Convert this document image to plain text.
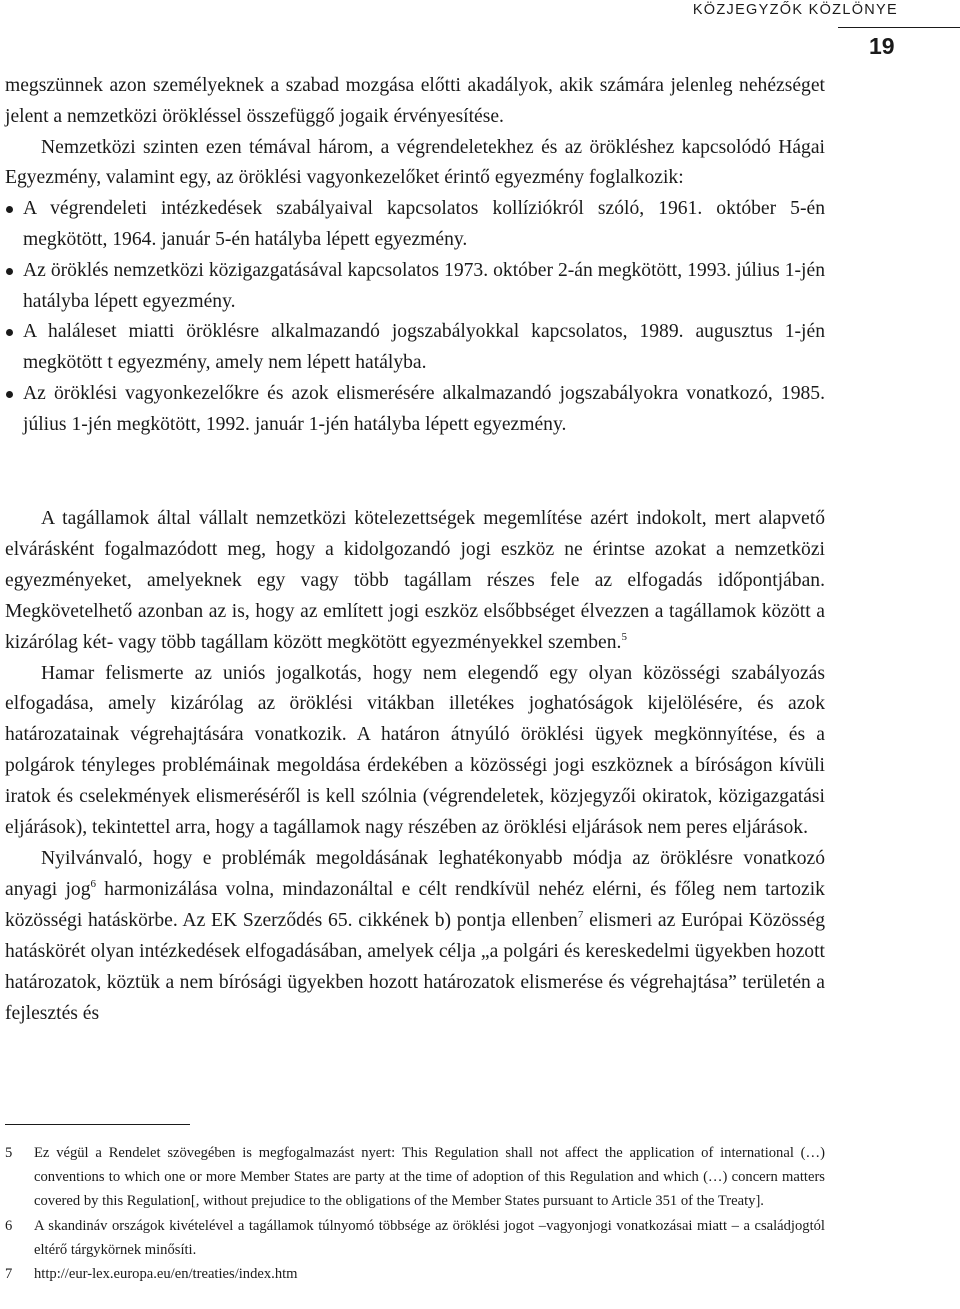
KÖZJEGYZŐK KÖZLÖNYE
19

megszünnek azon személyeknek a szabad mozgása előtti akadályok, akik számára jelenleg nehézséget jelent a nemzetközi örökléssel összefüggő jogaik érvényesítése.

Nemzetközi szinten ezen témával három, a végrendeletekhez és az örökléshez kapcsolódó Hágai Egyezmény, valamint egy, az öröklési vagyonkezelőket érintő egyezmény foglalkozik:

A végrendeleti intézkedések szabályaival kapcsolatos kollíziókról szóló, 1961. október 5-én megkötött, 1964. január 5-én hatályba lépett egyezmény.
Az öröklés nemzetközi közigazgatásával kapcsolatos 1973. október 2-án megkötött, 1993. július 1-jén hatályba lépett egyezmény.
A haláleset miatti öröklésre alkalmazandó jogszabályokkal kapcsolatos, 1989. augusztus 1-jén megkötött t egyezmény, amely nem lépett hatályba.
Az öröklési vagyonkezelőkre és azok elismerésére alkalmazandó jogszabályokra vonatkozó, 1985. július 1-jén megkötött, 1992. január 1-jén hatályba lépett egyezmény.

A tagállamok által vállalt nemzetközi kötelezettségek megemlítése azért indokolt, mert alapvető elvárásként fogalmazódott meg, hogy a kidolgozandó jogi eszköz ne érintse azokat a nemzetközi egyezményeket, amelyeknek egy vagy több tagállam részes fele az elfogadás időpontjában. Megkövetelhető azonban az is, hogy az említett jogi eszköz elsőbbséget élvezzen a tagállamok között a kizárólag két- vagy több tagállam között megkötött egyezményekkel szemben.$^5$

Hamar felismerte az uniós jogalkotás, hogy nem elegendő egy olyan közösségi szabályozás elfogadása, amely kizárólag az öröklési vitákban illetékes joghatóságok kijelölésére, és azok határozatainak végrehajtására vonatkozik. A határon átnyúló öröklési ügyek megkönnyítése, és a polgárok tényleges problémáinak megoldása érdekében a közösségi jogi eszköznek a bíróságon kívüli iratok és cselekmények elismeréséről is kell szólnia (végrendeletek, közjegyzői okiratok, közigazgatási eljárások), tekintettel arra, hogy a tagállamok nagy részében az öröklési eljárások nem peres eljárások.

Nyilvánvaló, hogy e problémák megoldásának leghatékonyabb módja az öröklésre vonatkozó anyagi jog$^6$ harmonizálása volna, mindazonáltal e célt rendkívül nehéz elérni, és főleg nem tartozik közösségi hatáskörbe. Az EK Szerződés 65. cikkének b) pontja ellenben$^7$ elismeri az Európai Közösség hatáskörét olyan intézkedések elfogadásában, amelyek célja „a polgári és kereskedelmi ügyekben hozott határozatok, köztük a nem bírósági ügyekben hozott határozatok elismerése és végrehajtása” területén a fejlesztés és

5 Ez végül a Rendelet szövegében is megfogalmazást nyert: This Regulation shall not affect the application of international (…) conventions to which one or more Member States are party at the time of adoption of this Regulation and which (…) concern matters covered by this Regulation[, without prejudice to the obligations of the Member States pursuant to Article 351 of the Treaty].
6 A skandináv országok kivételével a tagállamok túlnyomó többsége az öröklési jogot –vagyonjogi vonatkozásai miatt – a családjogtól eltérő tárgykörnek minősíti.
7 http://eur-lex.europa.eu/en/treaties/index.htm
